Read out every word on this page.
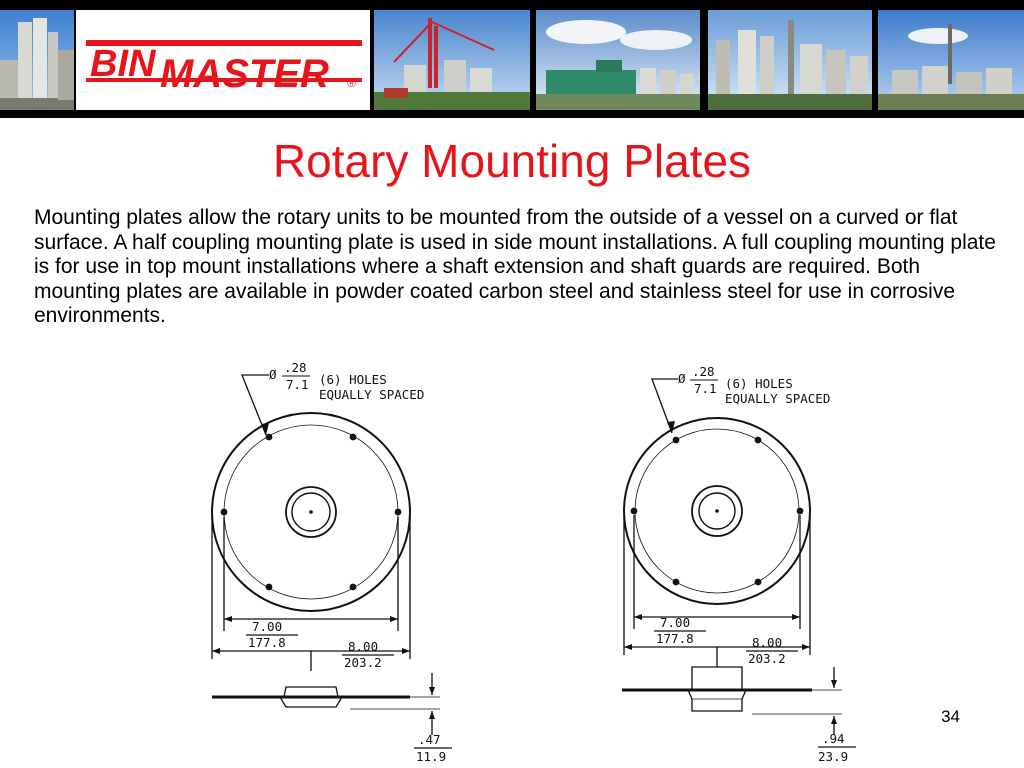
BIN MASTER ®
Rotary Mounting Plates
Mounting plates allow the rotary units to be mounted from the outside of a vessel on a curved or flat surface. A half coupling mounting plate is used in side mount installations. A full coupling mounting plate is for use in top mount installations where a shaft extension and shaft guards are required. Both mounting plates are available in powder coated carbon steel and stainless steel for use in corrosive environments.
Ø .28
7.1 (6) HOLES
EQUALLY SPACED
7.00
177.8	8.00
203.2
.47
11.9
Ø .28
7.1 (6) HOLES
EQUALLY SPACED
7.00
177.8	8.00
203.2
.94
23.9
34
